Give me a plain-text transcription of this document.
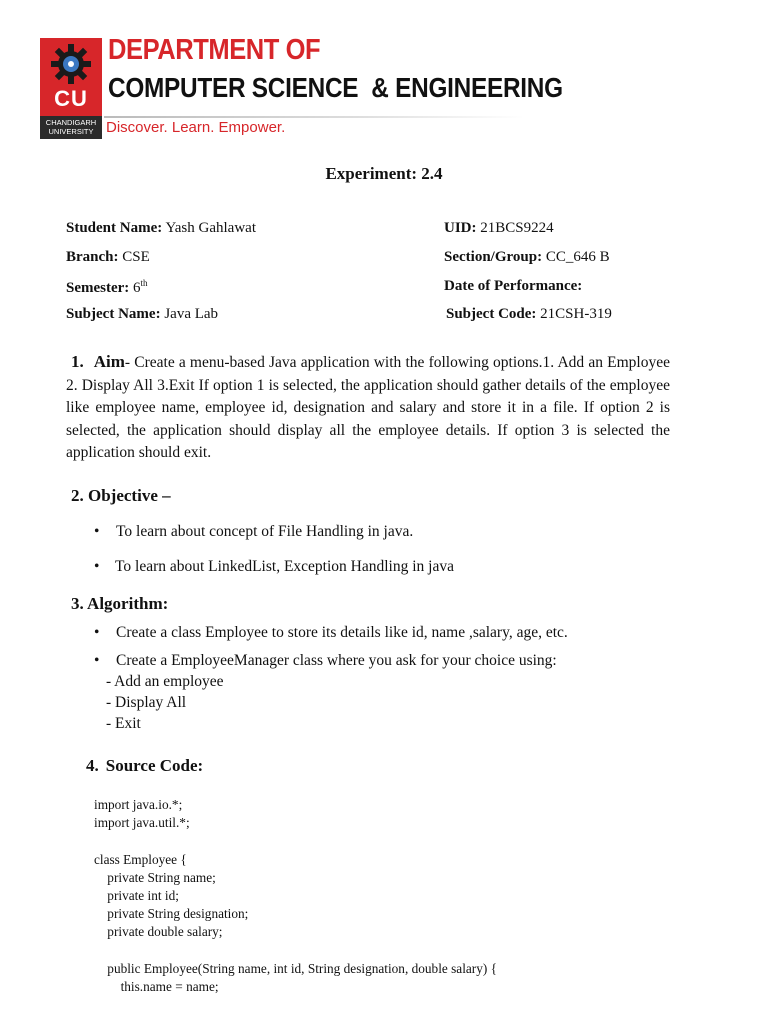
CU
CHANDIGARH
UNIVERSITY
DEPARTMENT OF
COMPUTER SCIENCE  & ENGINEERING
Discover. Learn. Empower.
Experiment: 2.4
Student Name: Yash Gahlawat	UID: 21BCS9224
Branch: CSE	Section/Group: CC_646 B
Semester: 6th	Date of Performance:
Subject Name: Java Lab	Subject Code: 21CSH-319
1. Aim- Create a menu-based Java application with the following options.1. Add an Employee 2. Display All 3.Exit If option 1 is selected, the application should gather details of the employee like employee name, employee id, designation and salary and store it in a file. If option 2 is selected, the application should display all the employee details. If option 3 is selected the application should exit.
2. Objective –
• To learn about concept of File Handling in java.
• To learn about LinkedList, Exception Handling in java
3. Algorithm:
• Create a class Employee to store its details like id, name ,salary, age, etc.
• Create a EmployeeManager class where you ask for your choice using:
- Add an employee
- Display All
- Exit
4. Source Code:
import java.io.*;
import java.util.*;

class Employee {
private String name;
private int id;
private String designation;
private double salary;

public Employee(String name, int id, String designation, double salary) {
this.name = name;
